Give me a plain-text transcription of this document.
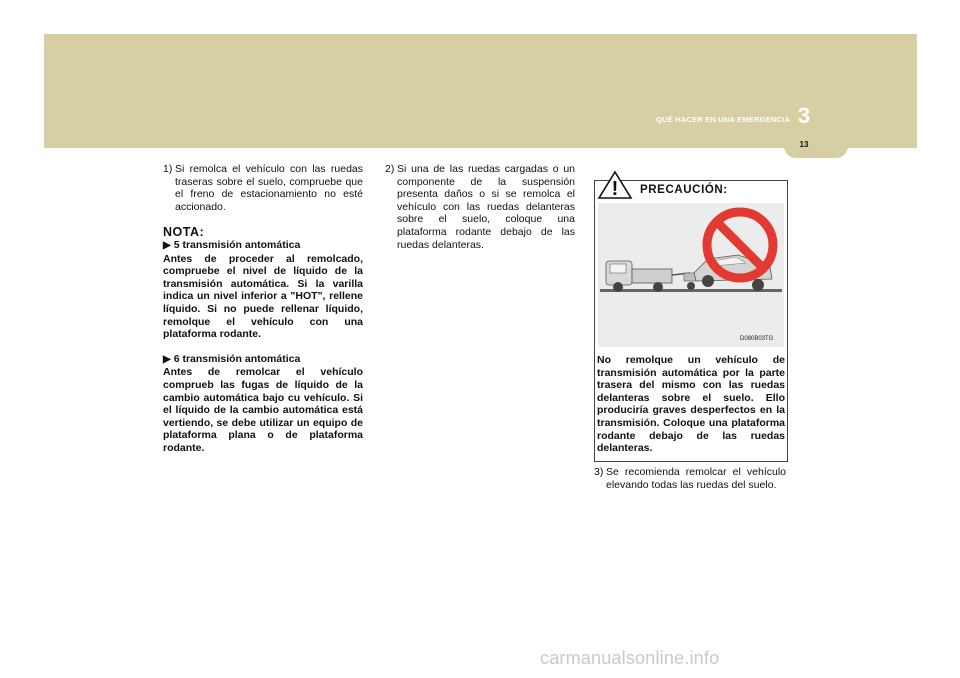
QUÉ HACER EN UNA EMERGENCIA 3
13
1) Si remolca el vehículo con las ruedas traseras sobre el suelo, compruebe que el freno de estacionamiento no esté accionado.
NOTA:
▶ 5 transmisión antomática
Antes de proceder al remolcado, compruebe el nivel de líquido de la transmisión automática. Si la varilla indica un nivel inferior a "HOT", rellene líquido. Si no puede rellenar líquido, remolque el vehículo con una plataforma rodante.
▶ 6 transmisión antomática
Antes de remolcar el vehículo comprueb las fugas de líquido de la cambio automática bajo cu vehículo. Si el líquido de la cambio automática está vertiendo, se debe utilizar un equipo de plataforma plana o de plataforma rodante.
2) Si una de las ruedas cargadas o un componente de la suspensión presenta daños o si se remolca el vehículo con las ruedas delanteras sobre el suelo, coloque una plataforma rodante debajo de las ruedas delanteras.
! PRECAUCIÓN:
D080B03TG
No remolque un vehículo de transmisión automática por la parte trasera del mismo con las ruedas delanteras sobre el suelo. Ello produciría graves desperfectos en la transmisión. Coloque una plataforma rodante debajo de las ruedas delanteras.
3) Se recomienda remolcar el vehículo elevando todas las ruedas del suelo.
carmanualsonline.info
